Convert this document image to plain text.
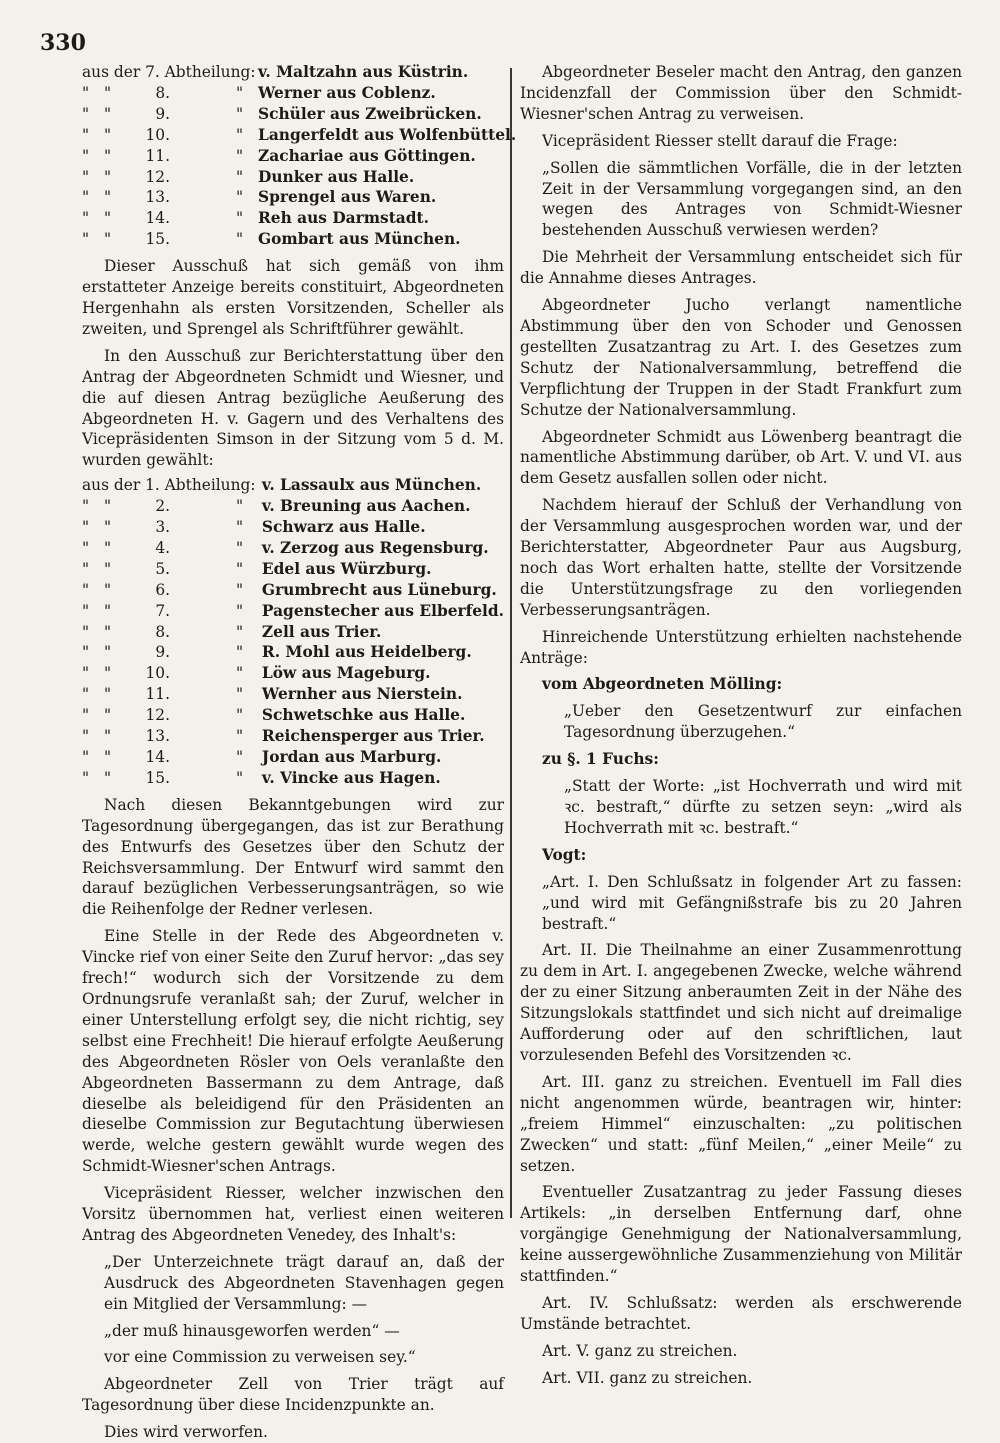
330
aus der 7. Abtheilung:	v. Maltzahn aus Küstrin.
" " 8. "	Werner aus Coblenz.
" " 9. "	Schüler aus Zweibrücken.
" " 10. "	Langerfeldt aus Wolfenbüttel.
" " 11. "	Zachariae aus Göttingen.
" " 12. "	Dunker aus Halle.
" " 13. "	Sprengel aus Waren.
" " 14. "	Reh aus Darmstadt.
" " 15. "	Gombart aus München.

Dieser Ausschuß hat sich gemäß von ihm erstatteter Anzeige bereits constituirt, Abgeordneten Hergenhahn als ersten Vorsitzenden, Scheller als zweiten, und Sprengel als Schriftführer gewählt.

In den Ausschuß zur Berichterstattung über den Antrag der Abgeordneten Schmidt und Wiesner, und die auf diesen Antrag bezügliche Aeußerung des Abgeordneten H. v. Gagern und des Verhaltens des Vicepräsidenten Simson in der Sitzung vom 5 d. M. wurden gewählt:

aus der 1. Abtheilung:	v. Lassaulx aus München.
" " 2. "	v. Breuning aus Aachen.
" " 3. "	Schwarz aus Halle.
" " 4. "	v. Zerzog aus Regensburg.
" " 5. "	Edel aus Würzburg.
" " 6. "	Grumbrecht aus Lüneburg.
" " 7. "	Pagenstecher aus Elberfeld.
" " 8. "	Zell aus Trier.
" " 9. "	R. Mohl aus Heidelberg.
" " 10. "	Löw aus Mageburg.
" " 11. "	Wernher aus Nierstein.
" " 12. "	Schwetschke aus Halle.
" " 13. "	Reichensperger aus Trier.
" " 14. "	Jordan aus Marburg.
" " 15. "	v. Vincke aus Hagen.

Nach diesen Bekanntgebungen wird zur Tagesordnung übergegangen, das ist zur Berathung des Entwurfs des Gesetzes über den Schutz der Reichsversammlung. Der Entwurf wird sammt den darauf bezüglichen Verbesserungsanträgen, so wie die Reihenfolge der Redner verlesen.

Eine Stelle in der Rede des Abgeordneten v. Vincke rief von einer Seite den Zuruf hervor: „das sey frech!“ wodurch sich der Vorsitzende zu dem Ordnungsrufe veranlaßt sah; der Zuruf, welcher in einer Unterstellung erfolgt sey, die nicht richtig, sey selbst eine Frechheit! Die hierauf erfolgte Aeußerung des Abgeordneten Rösler von Oels veranlaßte den Abgeordneten Bassermann zu dem Antrage, daß dieselbe als beleidigend für den Präsidenten an dieselbe Commission zur Begutachtung überwiesen werde, welche gestern gewählt wurde wegen des Schmidt-Wiesner'schen Antrags.

Vicepräsident Riesser, welcher inzwischen den Vorsitz übernommen hat, verliest einen weiteren Antrag des Abgeordneten Venedey, des Inhalt's:

„Der Unterzeichnete trägt darauf an, daß der Ausdruck des Abgeordneten Stavenhagen gegen ein Mitglied der Versammlung: —

„der muß hinausgeworfen werden“ —

vor eine Commission zu verweisen sey.“

Abgeordneter Zell von Trier trägt auf Tagesordnung über diese Incidenzpunkte an.

Dies wird verworfen.

Abgeordneter Beseler macht den Antrag, den ganzen Incidenzfall der Commission über den Schmidt-Wiesner'schen Antrag zu verweisen.

Vicepräsident Riesser stellt darauf die Frage:

„Sollen die sämmtlichen Vorfälle, die in der letzten Zeit in der Versammlung vorgegangen sind, an den wegen des Antrages von Schmidt-Wiesner bestehenden Ausschuß verwiesen werden?

Die Mehrheit der Versammlung entscheidet sich für die Annahme dieses Antrages.

Abgeordneter Jucho verlangt namentliche Abstimmung über den von Schoder und Genossen gestellten Zusatzantrag zu Art. I. des Gesetzes zum Schutz der Nationalversammlung, betreffend die Verpflichtung der Truppen in der Stadt Frankfurt zum Schutze der Nationalversammlung.

Abgeordneter Schmidt aus Löwenberg beantragt die namentliche Abstimmung darüber, ob Art. V. und VI. aus dem Gesetz ausfallen sollen oder nicht.

Nachdem hierauf der Schluß der Verhandlung von der Versammlung ausgesprochen worden war, und der Berichterstatter, Abgeordneter Paur aus Augsburg, noch das Wort erhalten hatte, stellte der Vorsitzende die Unterstützungsfrage zu den vorliegenden Verbesserungsanträgen.

Hinreichende Unterstützung erhielten nachstehende Anträge:

vom Abgeordneten Mölling:

„Ueber den Gesetzentwurf zur einfachen Tagesordnung überzugehen.“

zu §. 1 Fuchs:

„Statt der Worte: „ist Hochverrath und wird mit ꝛc. bestraft,“ dürfte zu setzen seyn: „wird als Hochverrath mit ꝛc. bestraft.“

Vogt:

„Art. I. Den Schlußsatz in folgender Art zu fassen: „und wird mit Gefängnißstrafe bis zu 20 Jahren bestraft.“

Art. II. Die Theilnahme an einer Zusammenrottung zu dem in Art. I. angegebenen Zwecke, welche während der zu einer Sitzung anberaumten Zeit in der Nähe des Sitzungslokals stattfindet und sich nicht auf dreimalige Aufforderung oder auf den schriftlichen, laut vorzulesenden Befehl des Vorsitzenden ꝛc.

Art. III. ganz zu streichen. Eventuell im Fall dies nicht angenommen würde, beantragen wir, hinter: „freiem Himmel“ einzuschalten: „zu politischen Zwecken“ und statt: „fünf Meilen,“ „einer Meile“ zu setzen.

Eventueller Zusatzantrag zu jeder Fassung dieses Artikels: „in derselben Entfernung darf, ohne vorgängige Genehmigung der Nationalversammlung, keine aussergewöhnliche Zusammenziehung von Militär stattfinden.“

Art. IV. Schlußsatz: werden als erschwerende Umstände betrachtet.

Art. V. ganz zu streichen.

Art. VII. ganz zu streichen.
